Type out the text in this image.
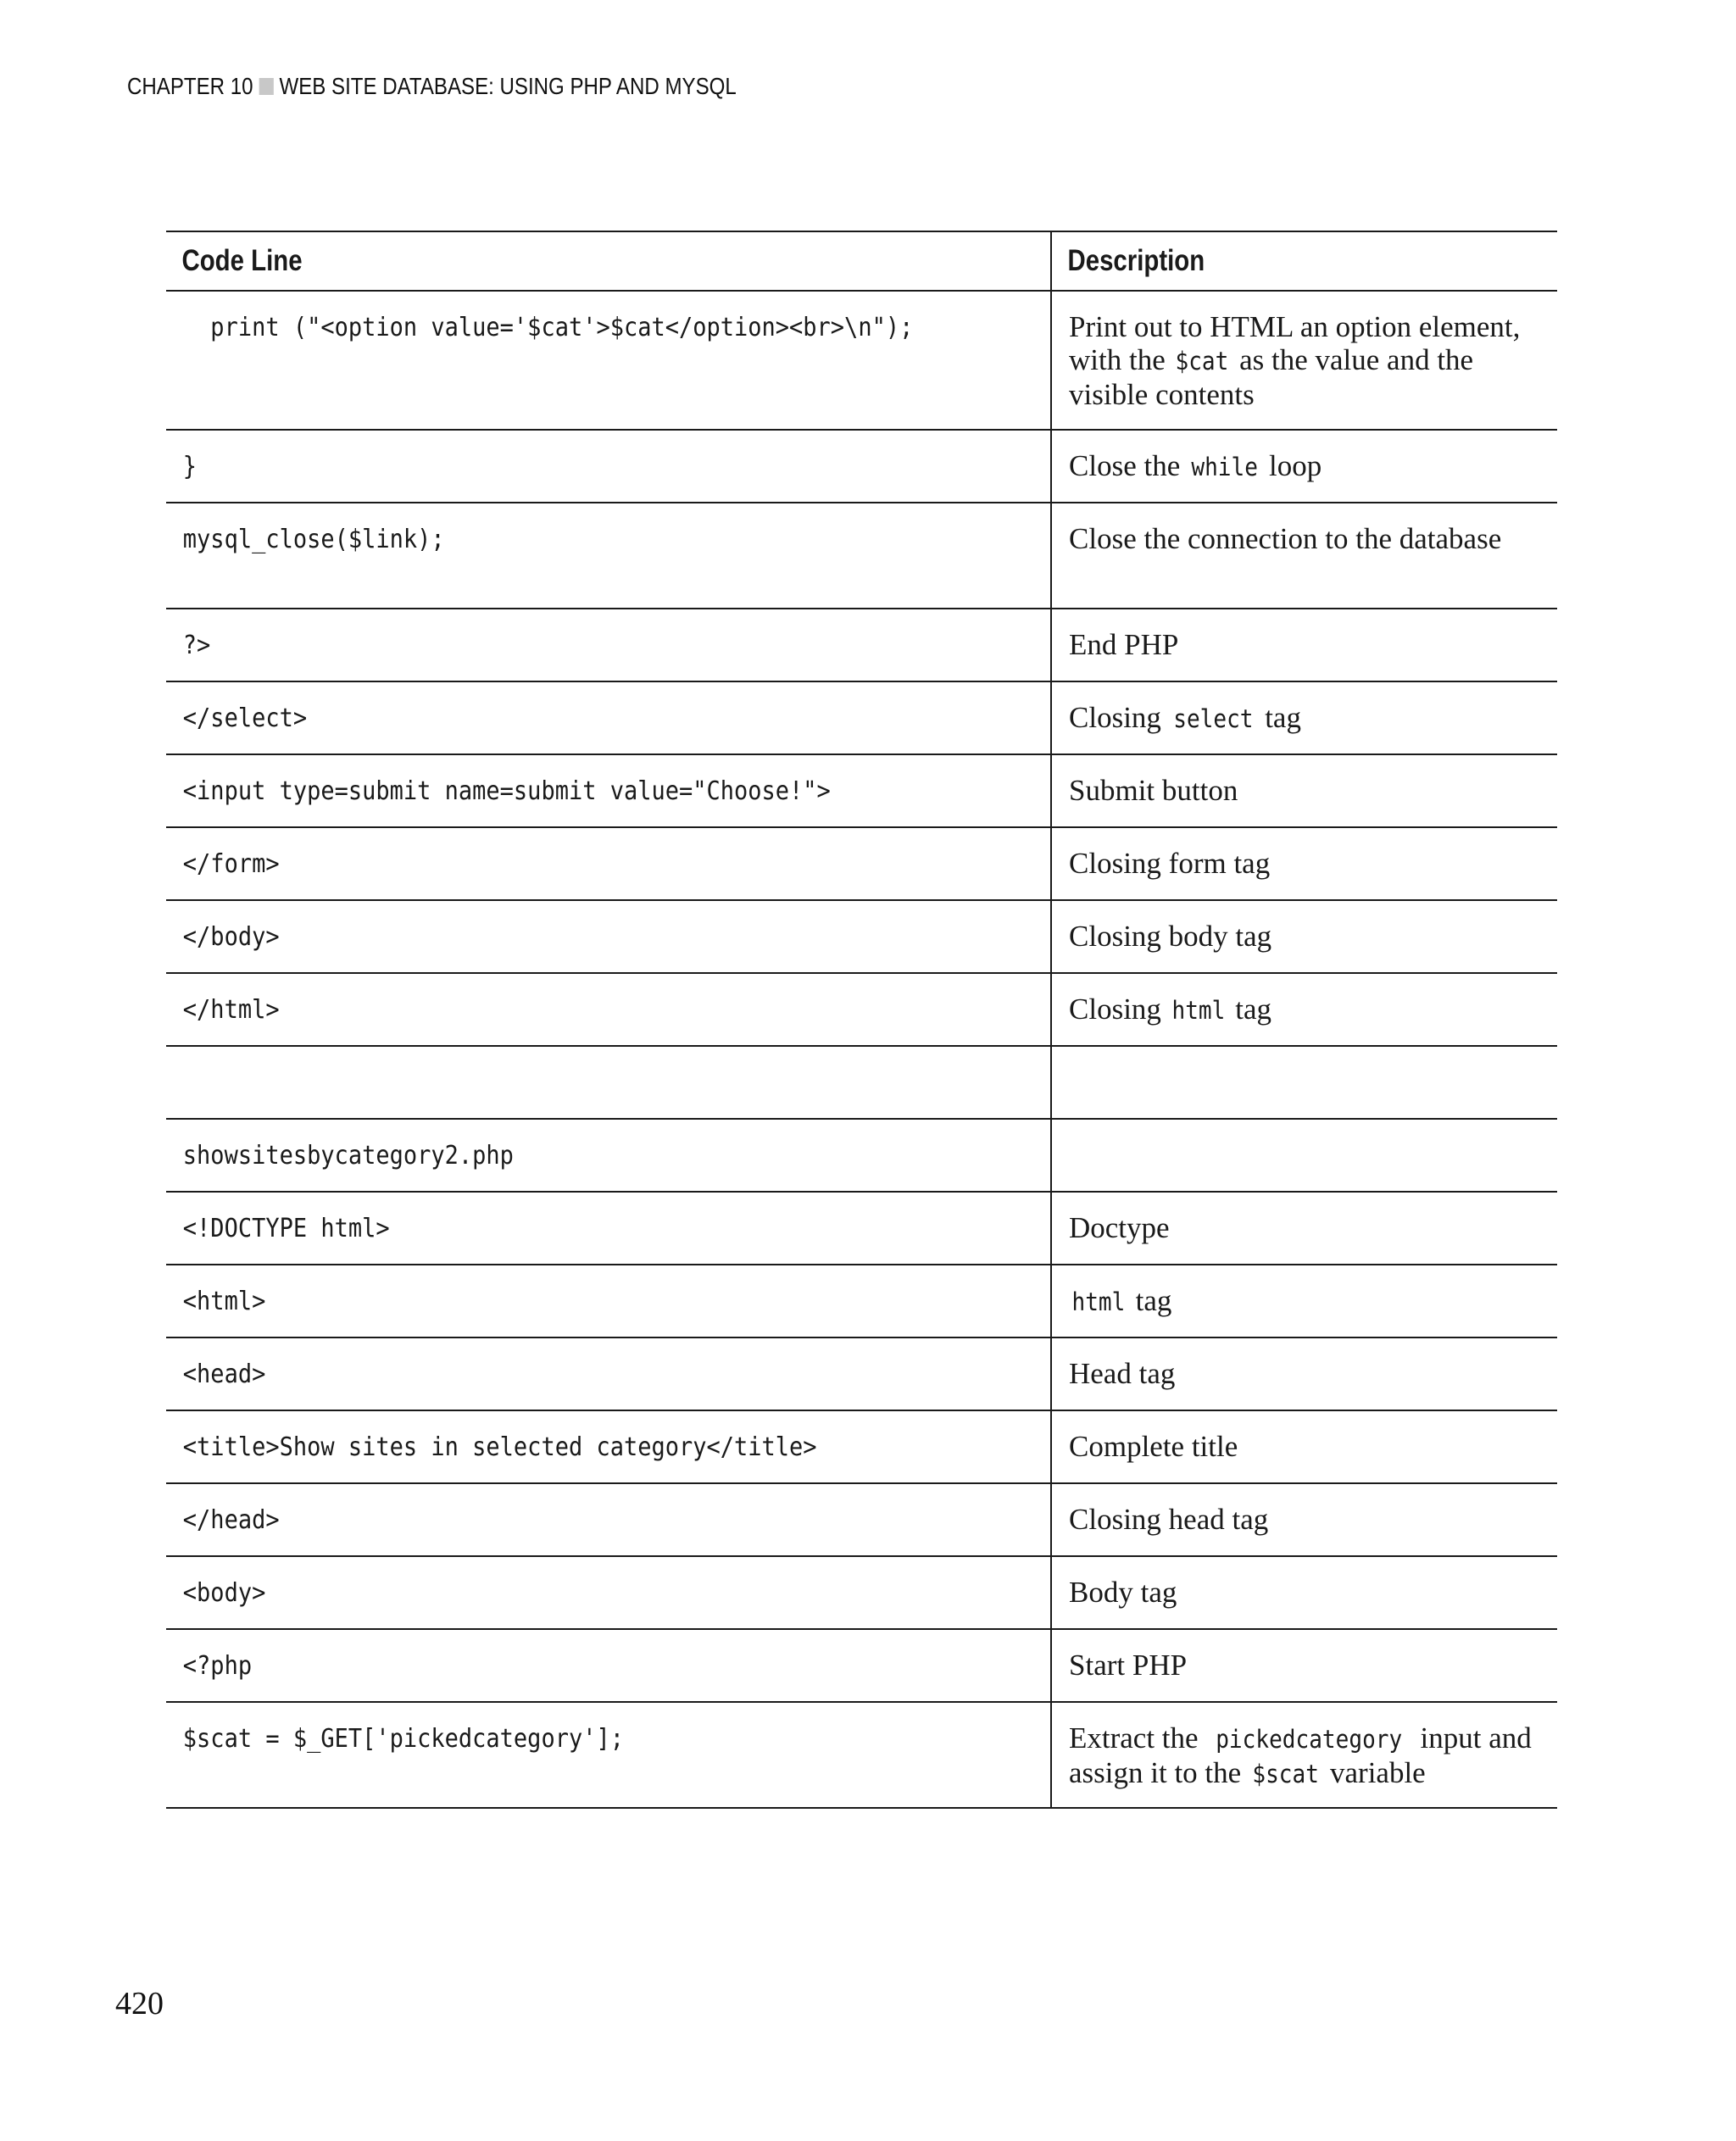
CHAPTER 10 WEB SITE DATABASE: USING PHP AND MYSQL
Code Line	Description

print ("<option value='$cat'>$cat</option><br>\n");	Print out to HTML an option element, with the $cat as the value and the visible contents

}	Close the while loop

mysql_close($link);	Close the connection to the database

?>	End PHP

</select>	Closing select tag

<input type=submit name=submit value="Choose!">	Submit button

</form>	Closing form tag

</body>	Closing body tag

</html>	Closing html tag

showsitesbycategory2.php	

<!DOCTYPE html>	Doctype

<html>	html tag

<head>	Head tag

<title>Show sites in selected category</title>	Complete title

</head>	Closing head tag

<body>	Body tag

<?php	Start PHP

$scat = $_GET['pickedcategory'];	Extract the pickedcategory input and assign it to the $scat variable
420
